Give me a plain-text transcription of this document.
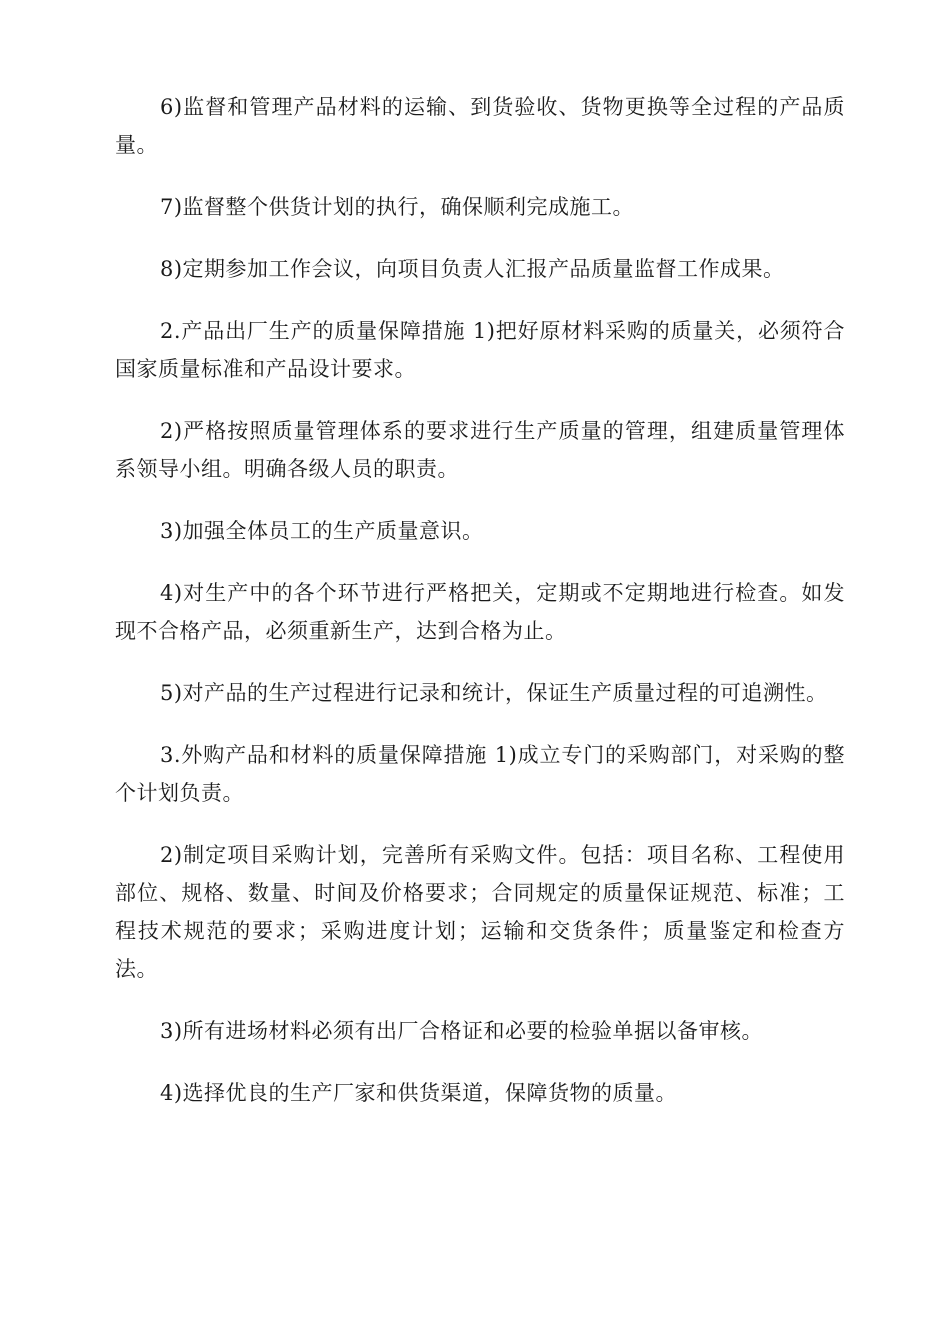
6)监督和管理产品材料的运输、到货验收、货物更换等全过程的产品质量。

7)监督整个供货计划的执行，确保顺利完成施工。

8)定期参加工作会议，向项目负责人汇报产品质量监督工作成果。

2.产品出厂生产的质量保障措施 1)把好原材料采购的质量关，必须符合国家质量标准和产品设计要求。

2)严格按照质量管理体系的要求进行生产质量的管理，组建质量管理体系领导小组。明确各级人员的职责。

3)加强全体员工的生产质量意识。

4)对生产中的各个环节进行严格把关，定期或不定期地进行检查。如发现不合格产品，必须重新生产，达到合格为止。

5)对产品的生产过程进行记录和统计，保证生产质量过程的可追溯性。

3.外购产品和材料的质量保障措施 1)成立专门的采购部门，对采购的整个计划负责。

2)制定项目采购计划，完善所有采购文件。包括：项目名称、工程使用部位、规格、数量、时间及价格要求；合同规定的质量保证规范、标准；工程技术规范的要求；采购进度计划；运输和交货条件；质量鉴定和检查方法。

3)所有进场材料必须有出厂合格证和必要的检验单据以备审核。

4)选择优良的生产厂家和供货渠道，保障货物的质量。
